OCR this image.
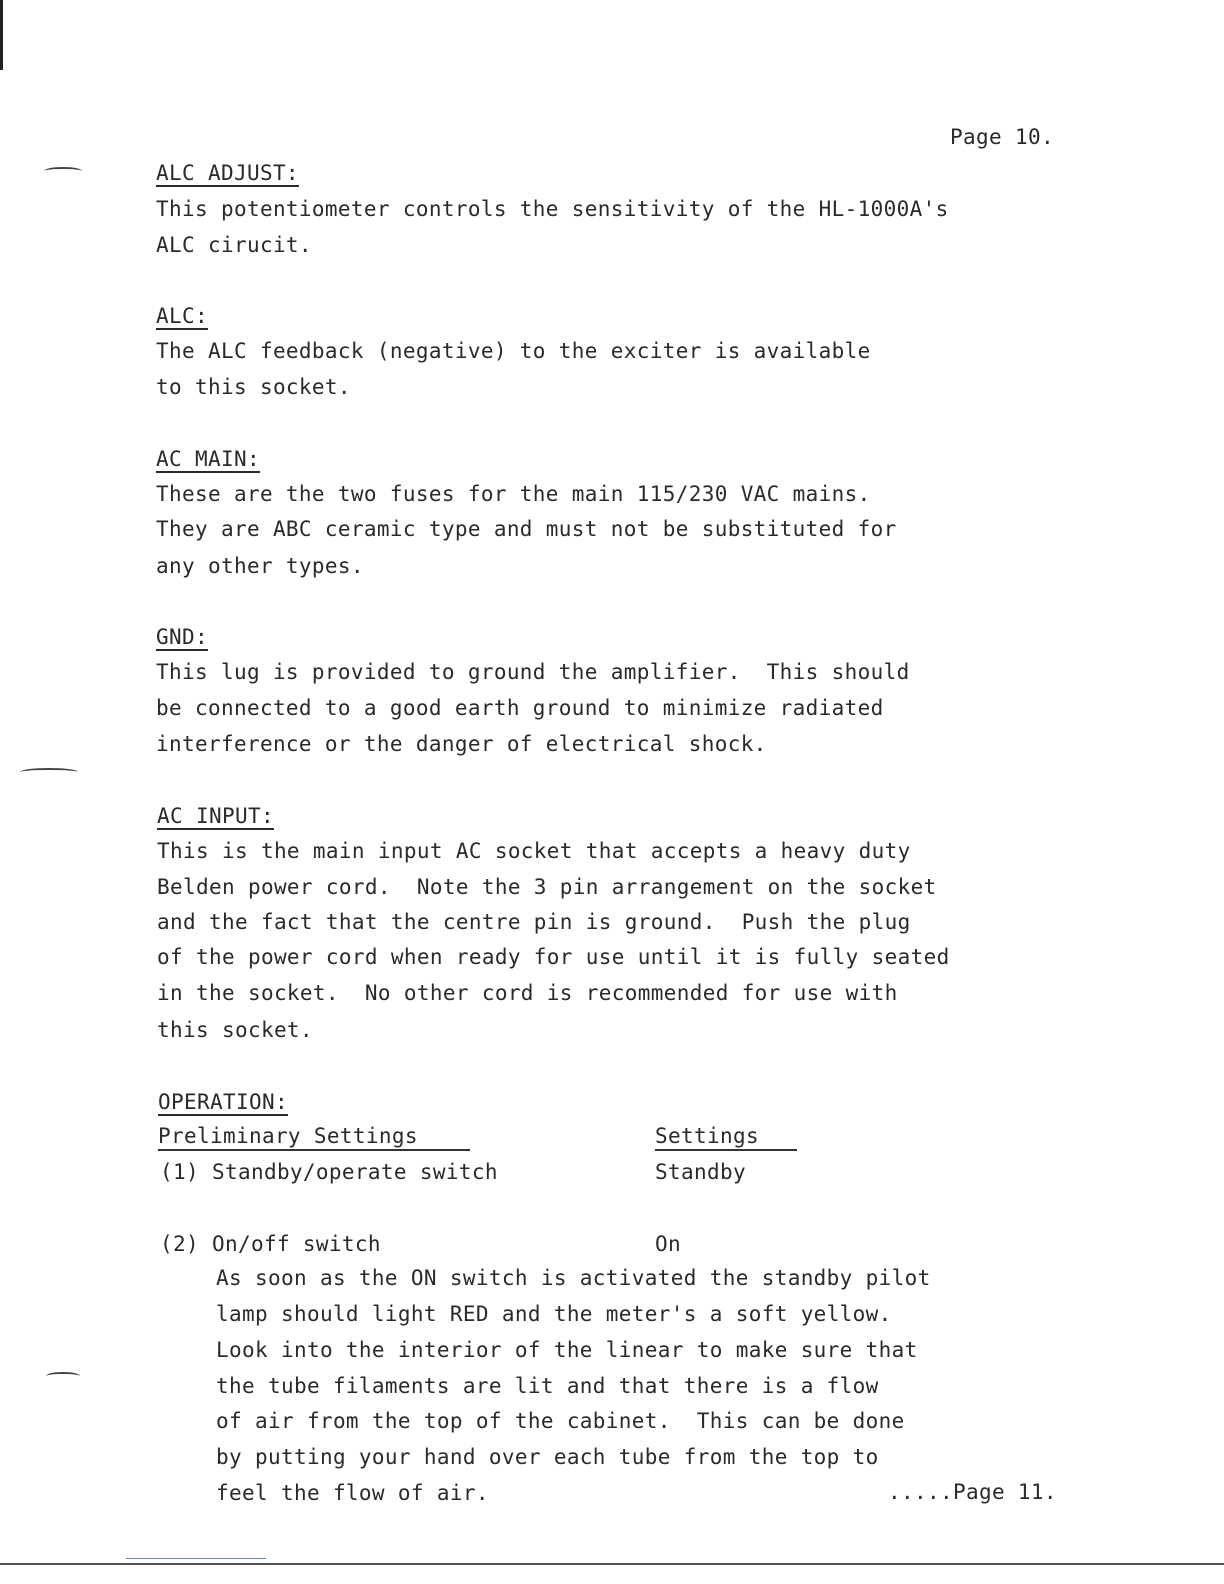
Page 10.
ALC ADJUST:
This potentiometer controls the sensitivity of the HL-1000A's
ALC cirucit.
ALC:
The ALC feedback (negative) to the exciter is available
to this socket.
AC MAIN:
These are the two fuses for the main 115/230 VAC mains.
They are ABC ceramic type and must not be substituted for
any other types.
GND:
This lug is provided to ground the amplifier.  This should
be connected to a good earth ground to minimize radiated
interference or the danger of electrical shock.
AC INPUT:
This is the main input AC socket that accepts a heavy duty
Belden power cord.  Note the 3 pin arrangement on the socket
and the fact that the centre pin is ground.  Push the plug
of the power cord when ready for use until it is fully seated
in the socket.  No other cord is recommended for use with
this socket.
OPERATION:
Preliminary Settings	Settings
(1) Standby/operate switch	Standby
(2) On/off switch	On
As soon as the ON switch is activated the standby pilot
lamp should light RED and the meter's a soft yellow.
Look into the interior of the linear to make sure that
the tube filaments are lit and that there is a flow
of air from the top of the cabinet.  This can be done
by putting your hand over each tube from the top to
feel the flow of air.	.....Page 11.
